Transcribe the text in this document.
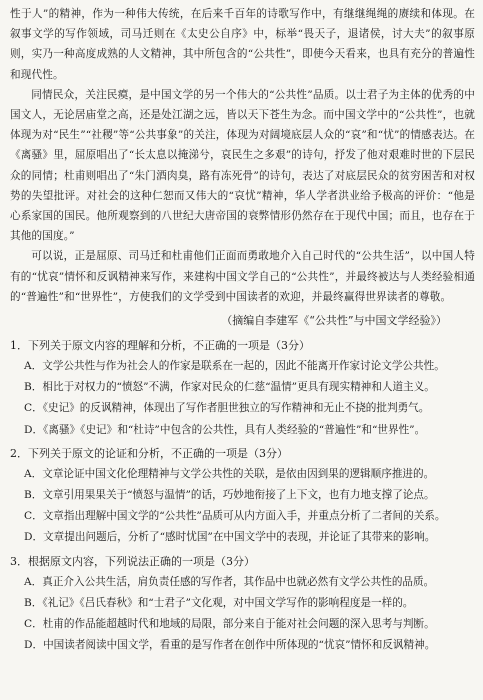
性于人”的精神，作为一种伟大传统，在后来千百年的诗歌写作中，有继继绳绳的赓续和体现。在叙事文学的写作领域，司马迁则在《太史公自序》中，标举“畏天子，退诸侯，讨大夫”的叙事原则，实乃一种高度成熟的人文精神，其中所包含的“公共性”，即使今天看来，也具有充分的普遍性和现代性。

同情民众，关注民瘼，是中国文学的另一个伟大的“公共性”品质。以士君子为主体的优秀的中国文人，无论居庙堂之高，还是处江湖之远，皆以天下苍生为念。而中国文学中的“公共性”，也就体现为对“民生”“社稷”等“公共事象”的关注，体现为对阔境底层人众的“哀”和“忧”的情感表达。在《离骚》里，屈原唱出了“长太息以掩涕兮，哀民生之多艰”的诗句，抒发了他对艰难时世的下层民众的同情；杜甫则唱出了“朱门酒肉臭，路有冻死骨”的诗句，表达了对底层民众的贫穷困苦和对权势的失望批评。对社会的这种仁恕而又伟大的“哀忧”精神，华人学者洪业给予极高的评价：“他是心系家国的国民。他所观察到的八世纪大唐帝国的衰弊情形仍然存在于现代中国；而且，也存在于其他的国度。”

可以说，正是屈原、司马迁和杜甫他们正面而勇敢地介入自己时代的“公共生活”，以中国人特有的“忧哀”情怀和反讽精神来写作，来建构中国文学自己的“公共性”，并最终被达与人类经验相通的“普遍性”和“世界性”，方使我们的文学受到中国读者的欢迎，并最终赢得世界读者的尊敬。

（摘编自李建军《“公共性”与中国文学经验》）
1．下列关于原文内容的理解和分析，不正确的一项是（3分）
A．文学公共性与作为社会人的作家是联系在一起的，因此不能离开作家讨论文学公共性。
B．相比于对权力的“愤怒”不满，作家对民众的仁慈“温情”更具有现实精神和人道主义。
C．《史记》的反讽精神，体现出了写作者胆世独立的写作精神和无止不挠的批判勇气。
D．《离骚》《史记》和“杜诗”中包含的公共性，具有人类经验的“普遍性”和“世界性”。
2．下列关于原文的论证和分析，不正确的一项是（3分）
A．文章论证中国文化伦理精神与文学公共性的关联，是依由因到果的逻辑顺序推进的。
B．文章引用果果关于“愤怒与温情”的话，巧妙地衔接了上下文，也有力地支撑了论点。
C．文章指出理解中国文学的“公共性”品质可从内方面入手，并重点分析了二者间的关系。
D．文章提出问题后，分析了“感时忧国”在中国文学中的表现，并论证了其带来的影响。
3．根据原文内容，下列说法正确的一项是（3分）
A．真正介入公共生活，肩负责任感的写作者，其作品中也就必然有文学公共性的品质。
B．《礼记》《吕氏春秋》和“士君子”文化观，对中国文学写作的影响程度是一样的。
C．杜甫的作品能超越时代和地域的局限，部分来自于能对社会问题的深入思考与判断。
D．中国读者阅读中国文学，看重的是写作者在创作中所体现的“忧哀”情怀和反讽精神。
